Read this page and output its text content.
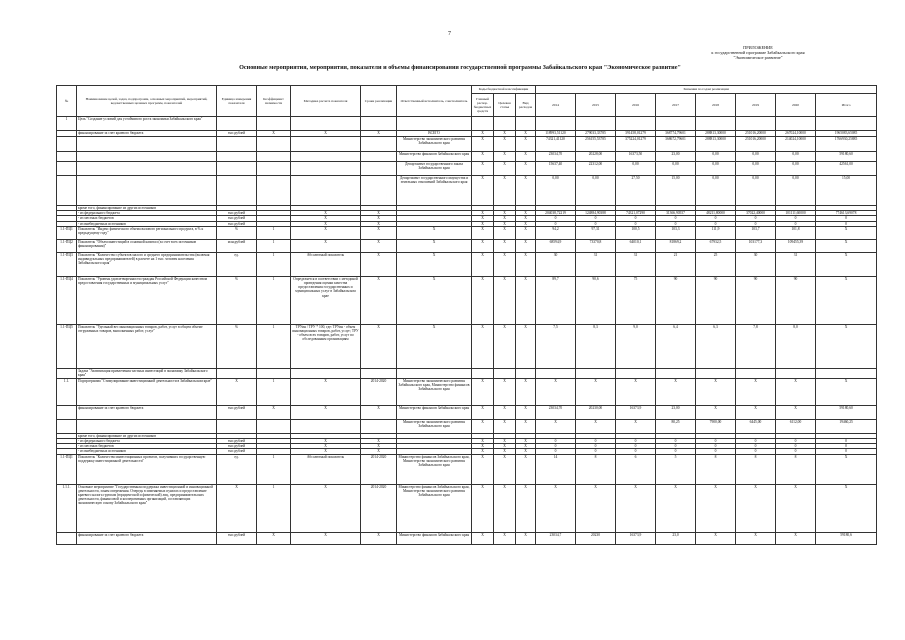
7
ПРИЛОЖЕНИЕ
к государственной программе Забайкальского края
"Экономическое развитие"
Основные мероприятия, мероприятия, показатели и объемы финансирования государственной программы Забайкальского края "Экономическое развитие"
№	Наименование целей, задач, подпрограмм, основных мероприятий, мероприятий, ведомственных целевых программ, показателей	Единица измерения показателя	Коэффициент значимости	Методика расчета показателя	Сроки реализации	Ответственный исполнитель, соисполнитель	Коды бюджетной классификации			Значения по годам реализации							
							Главный распор. бюджетных средств	Целевая статья	Вид расходов	2014	2015	2016	2017	2018	2019	2020	Итого
1	Цель "Создание условий для устойчивого роста экономики Забайкальского края"																
	финансирование за счет краевого бюджета	тыс.рублей	Х	Х	Х	ВСЕГО	Х	Х	Х	118993,51120	279033,33785	391458,01279	368774,79601	288813,30000	251016,20000	267024,10000	1965083,65085
						Министерство экономического развития Забайкальского края	Х	Х	Х	74321,41120	256155,53785	375224,01279	368672,79601	288813,30000	251016,20000	214024,10000	1766930,25885
						Министерство финансов Забайкальского края	Х	Х	Х	23034,70	20228,00	16373,50	23,00	0,00	0,00	0,00	59180,60
						Департамент государственного заказа Забайкальского края	Х	Х	Х	15637,40	22312,00	0,00	0,00	0,00	0,00	0,00	42561,00
						Департамент государственного имущества и земельных отношений Забайкальского края	Х	Х	Х	0,00	0,00	27,50	15,00	0,00	0,00	0,00	15,00
	кроме того, финансирование из других источников																
	- из федерального бюджета	тыс.рублей		Х	Х		Х	Х	Х	204038,72219	124884,90388	74321,07290	31366,90557	48211,80000	37022,40000	101111,60000	774613,69078
	- из местных бюджетов	тыс.рублей		Х	Х		Х	Х	Х	0	0	0	0	0	0	0	0
	- из внебюджетных источников	тыс.рублей		Х	Х		Х	Х	Х	0	0	0	0	0	0	0	0
1.1-ПЦ1	Показатель "Индекс физического объема валового регионального продукта, в % к предыдущему году"	%	1	Х	Х	Х	Х	Х	Х	94,2	97,31	100,5	103,3	111,9	103,7	101,8	Х
1.1-ПЦ2	Показатель "Объем инвестиций в основной капитал (за счет всех источников финансирования)"	млн.рублей	1	Х	Х	Х	Х	Х	Х	68594,9	73370,8	64010,1	81869,2	67932,5	103177,3	109455,39	Х
1.1-ПЦ3	Показатель "Количество субъектов малого и среднего предпринимательства (включая индивидуальных предпринимателей) в расчете на 1 тыс. человек населения Забайкальского края"	ед.	1	Абсолютный показатель	Х	Х	Х	Х	Х	30	31	31	21	25	30	31	Х
1.1-ПЦ4	Показатель "Уровень удовлетворенности граждан Российской Федерации качеством предоставления государственных и муниципальных услуг"	%	1	Определяется в соответствии с методикой проведения оценки качества предоставления государственных и муниципальных услуг в Забайкальском крае	Х	Х	Х	Х	Х	89,7	90,6	75	90	90	90	90	Х
1.1-ПЦ5	Показатель "Удельный вес инновационных товаров, работ, услуг в общем объеме отгруженных товаров, выполненных работ, услуг"	%	1	ТРУин / ТРУ * 100, где: ТРУин - объем инновационных товаров, работ, услуг; ТРУ - объем всех товаров, работ, услуг по обследованным организациям	Х	Х	Х	Х	Х	7,5	8,3	9,0	6,4	6,3	7,8	8,0	Х
	Задача "Активизация привлечения частных инвестиций в экономику Забайкальского края"																
1.1.	Подпрограмма "Стимулирование инвестиционной деятельности в Забайкальском крае"	Х	1	Х	2014-2020	Министерство экономического развития Забайкальского края, Министерство финансов Забайкальского края	Х	Х	Х	Х	Х	Х	Х	Х	Х	Х	Х
	финансирование за счет краевого бюджета	тыс.рублей	Х	Х	Х	Министерство финансов Забайкальского края	Х	Х	Х	23034,70	20230,00	16373,9	23,00	Х	Х	Х	59180,60
						Министерство экономического развития Забайкальского края	Х	Х	Х	Х	Х	Х	80,25	7900,00	6445,00	6112,00	19460,25
	кроме того, финансирование из других источников																
	- из федерального бюджета	тыс.рублей		Х	Х		Х	Х	Х	0	0	0	0	0	0	0	0
	- из местных бюджетов	тыс.рублей		Х	Х		Х	Х	Х	0	0	0	0	0	0	0	0
	- из внебюджетных источников	тыс.рублей		Х	Х		Х	Х	Х	0	0	0	0	0	0	0	0
1.1-ПЦ1	Показатель "Количество инвестиционных проектов, получивших государственную поддержку инвестиционной деятельности"	ед.	1	Абсолютный показатель	2014-2020	Министерство финансов Забайкальского края, Министерство экономического развития Забайкальского края	Х	Х	Х	14	8	6	5	8	8	8	Х
1.1.1.	Основное мероприятие "Государственная поддержка инвестиционной и инновационной деятельности, зонам опережения. Очередь в изменяемых пунктах и предоставление краевого налога группам (юридической и физической) лиц, предпринимательских деятельности, финансовой и кооперативных организаций, составляющих экономическую основу Забайкальского края"	Х	1	Х	2014-2020	Министерство финансов Забайкальского края, Министерство экономического развития Забайкальского края	Х	Х	Х	Х	Х	Х	Х	Х	Х	Х	Х
	финансирование за счет краевого бюджета	тыс.рублей	Х	Х	Х	Министерство финансов Забайкальского края	Х	Х	Х	23034,7	20230	16373,9	23,0	Х	Х	Х	59180,6
